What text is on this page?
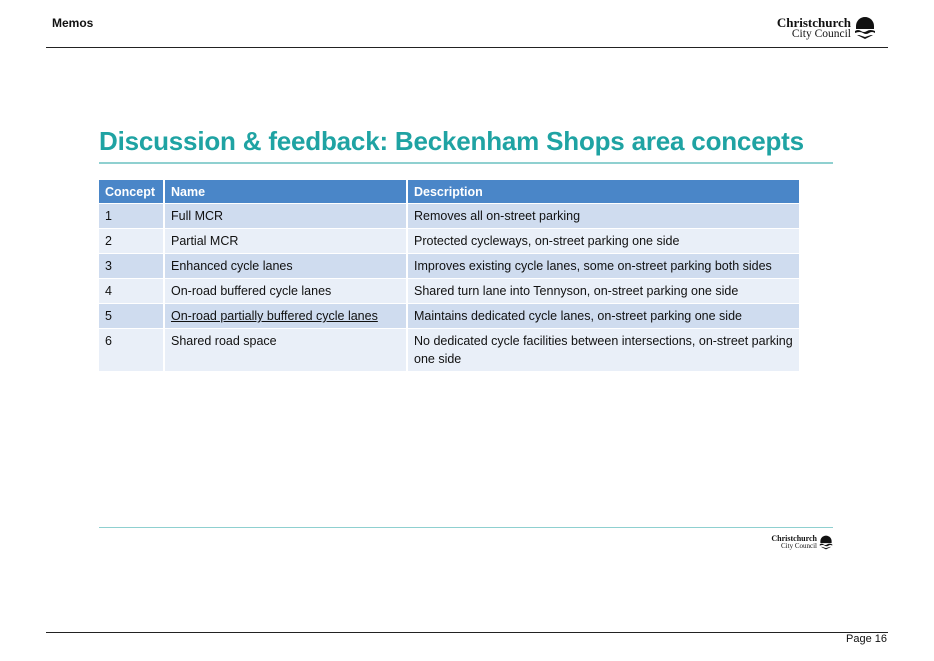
Memos	Christchurch
City Council
Discussion & feedback: Beckenham Shops area concepts
Concept	Name	Description
1	Full MCR	Removes all on-street parking
2	Partial MCR	Protected cycleways, on-street parking one side
3	Enhanced cycle lanes	Improves existing cycle lanes, some on-street parking both sides
4	On-road buffered cycle lanes	Shared turn lane into Tennyson, on-street parking one side
5	On-road partially buffered cycle lanes	Maintains dedicated cycle lanes, on-street parking one side
6	Shared road space	No dedicated cycle facilities between intersections, on-street parking one side
Christchurch
City Council
Page 16
